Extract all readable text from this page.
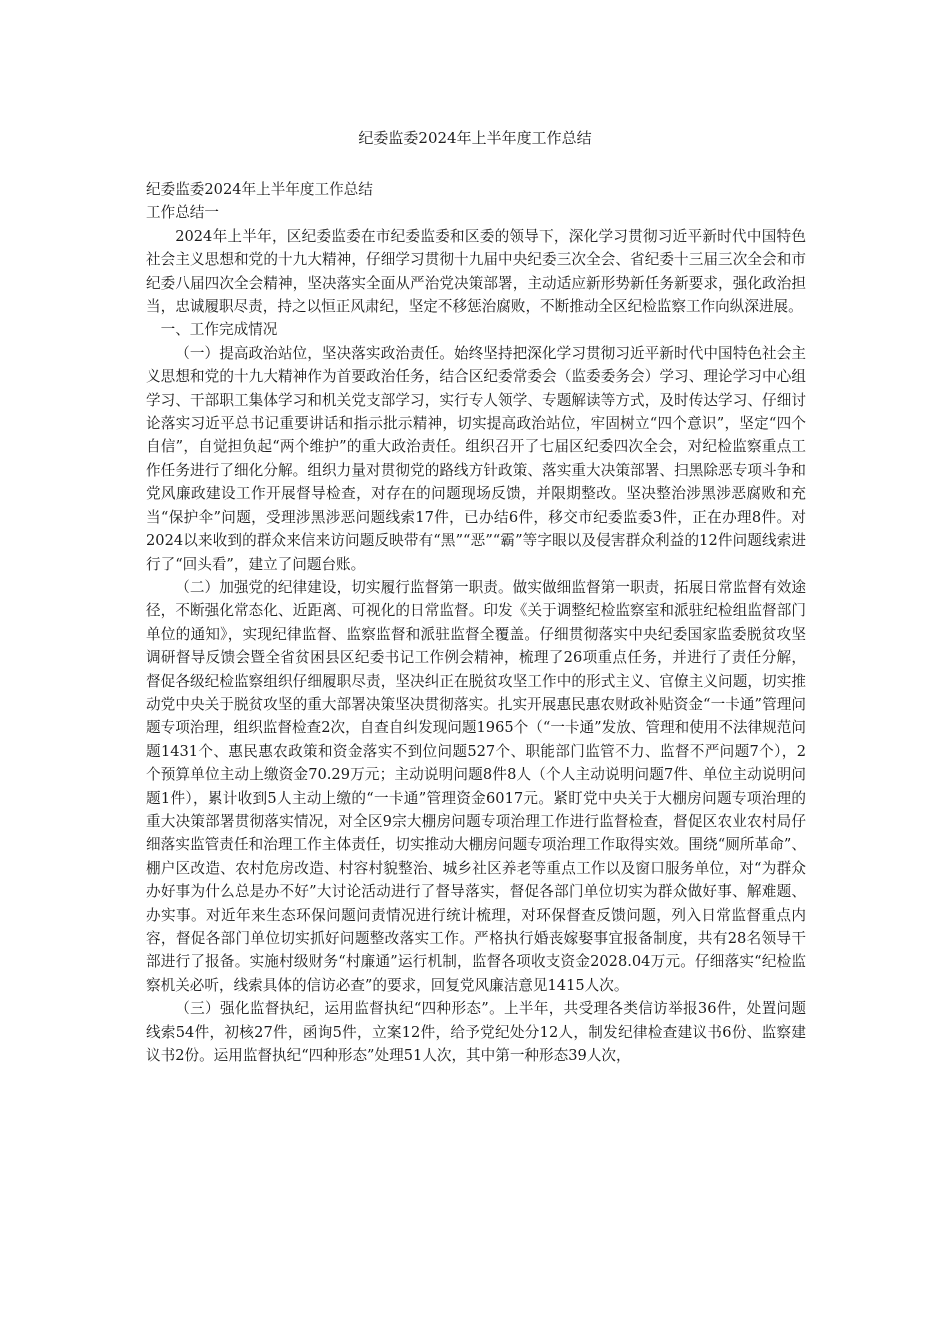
纪委监委2024年上半年度工作总结

纪委监委2024年上半年度工作总结

工作总结一

2024年上半年，区纪委监委在市纪委监委和区委的领导下，深化学习贯彻习近平新时代中国特色社会主义思想和党的十九大精神，仔细学习贯彻十九届中央纪委三次全会、省纪委十三届三次全会和市纪委八届四次全会精神，坚决落实全面从严治党决策部署，主动适应新形势新任务新要求，强化政治担当，忠诚履职尽责，持之以恒正风肃纪，坚定不移惩治腐败，不断推动全区纪检监察工作向纵深进展。

一、工作完成情况

（一）提高政治站位，坚决落实政治责任。始终坚持把深化学习贯彻习近平新时代中国特色社会主义思想和党的十九大精神作为首要政治任务，结合区纪委常委会（监委委务会）学习、理论学习中心组学习、干部职工集体学习和机关党支部学习，实行专人领学、专题解读等方式，及时传达学习、仔细讨论落实习近平总书记重要讲话和指示批示精神，切实提高政治站位，牢固树立“四个意识”，坚定“四个自信”，自觉担负起“两个维护”的重大政治责任。组织召开了七届区纪委四次全会，对纪检监察重点工作任务进行了细化分解。组织力量对贯彻党的路线方针政策、落实重大决策部署、扫黑除恶专项斗争和党风廉政建设工作开展督导检查，对存在的问题现场反馈，并限期整改。坚决整治涉黑涉恶腐败和充当“保护伞”问题，受理涉黑涉恶问题线索17件，已办结6件，移交市纪委监委3件，正在办理8件。对2024以来收到的群众来信来访问题反映带有“黑”“恶”“霸”等字眼以及侵害群众利益的12件问题线索进行了“回头看”，建立了问题台账。

（二）加强党的纪律建设，切实履行监督第一职责。做实做细监督第一职责，拓展日常监督有效途径，不断强化常态化、近距离、可视化的日常监督。印发《关于调整纪检监察室和派驻纪检组监督部门单位的通知》，实现纪律监督、监察监督和派驻监督全覆盖。仔细贯彻落实中央纪委国家监委脱贫攻坚调研督导反馈会暨全省贫困县区纪委书记工作例会精神，梳理了26项重点任务，并进行了责任分解，督促各级纪检监察组织仔细履职尽责，坚决纠正在脱贫攻坚工作中的形式主义、官僚主义问题，切实推动党中央关于脱贫攻坚的重大部署决策坚决贯彻落实。扎实开展惠民惠农财政补贴资金“一卡通”管理问题专项治理，组织监督检查2次，自查自纠发现问题1965个（“一卡通”发放、管理和使用不法律规范问题1431个、惠民惠农政策和资金落实不到位问题527个、职能部门监管不力、监督不严问题7个），2个预算单位主动上缴资金70.29万元；主动说明问题8件8人（个人主动说明问题7件、单位主动说明问题1件），累计收到5人主动上缴的“一卡通”管理资金6017元。紧盯党中央关于大棚房问题专项治理的重大决策部署贯彻落实情况，对全区9宗大棚房问题专项治理工作进行监督检查，督促区农业农村局仔细落实监管责任和治理工作主体责任，切实推动大棚房问题专项治理工作取得实效。围绕“厕所革命”、棚户区改造、农村危房改造、村容村貌整治、城乡社区养老等重点工作以及窗口服务单位，对“为群众办好事为什么总是办不好”大讨论活动进行了督导落实，督促各部门单位切实为群众做好事、解难题、办实事。对近年来生态环保问题问责情况进行统计梳理，对环保督查反馈问题，列入日常监督重点内容，督促各部门单位切实抓好问题整改落实工作。严格执行婚丧嫁娶事宜报备制度，共有28名领导干部进行了报备。实施村级财务“村廉通”运行机制，监督各项收支资金2028.04万元。仔细落实“纪检监察机关必听，线索具体的信访必查”的要求，回复党风廉洁意见1415人次。

（三）强化监督执纪，运用监督执纪“四种形态”。上半年，共受理各类信访举报36件，处置问题线索54件，初核27件，函询5件，立案12件，给予党纪处分12人，制发纪律检查建议书6份、监察建议书2份。运用监督执纪“四种形态”处理51人次，其中第一种形态39人次，
